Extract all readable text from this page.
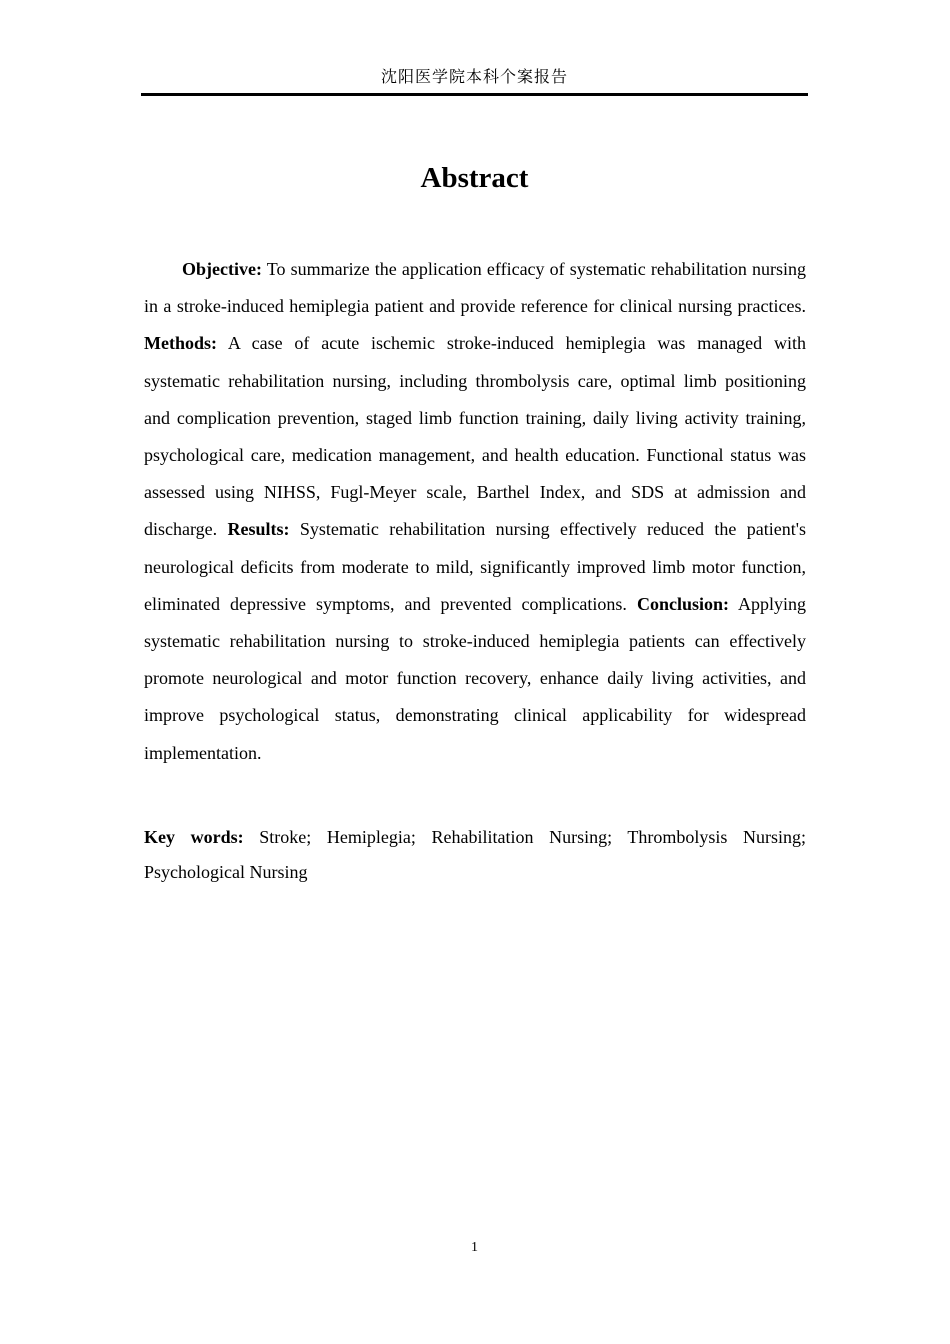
沈阳医学院本科个案报告
Abstract

Objective: To summarize the application efficacy of systematic rehabilitation nursing in a stroke-induced hemiplegia patient and provide reference for clinical nursing practices. Methods: A case of acute ischemic stroke-induced hemiplegia was managed with systematic rehabilitation nursing, including thrombolysis care, optimal limb positioning and complication prevention, staged limb function training, daily living activity training, psychological care, medication management, and health education. Functional status was assessed using NIHSS, Fugl-Meyer scale, Barthel Index, and SDS at admission and discharge. Results: Systematic rehabilitation nursing effectively reduced the patient's neurological deficits from moderate to mild, significantly improved limb motor function, eliminated depressive symptoms, and prevented complications. Conclusion: Applying systematic rehabilitation nursing to stroke-induced hemiplegia patients can effectively promote neurological and motor function recovery, enhance daily living activities, and improve psychological status, demonstrating clinical applicability for widespread implementation.

Key words: Stroke; Hemiplegia; Rehabilitation Nursing; Thrombolysis Nursing; Psychological Nursing

1
